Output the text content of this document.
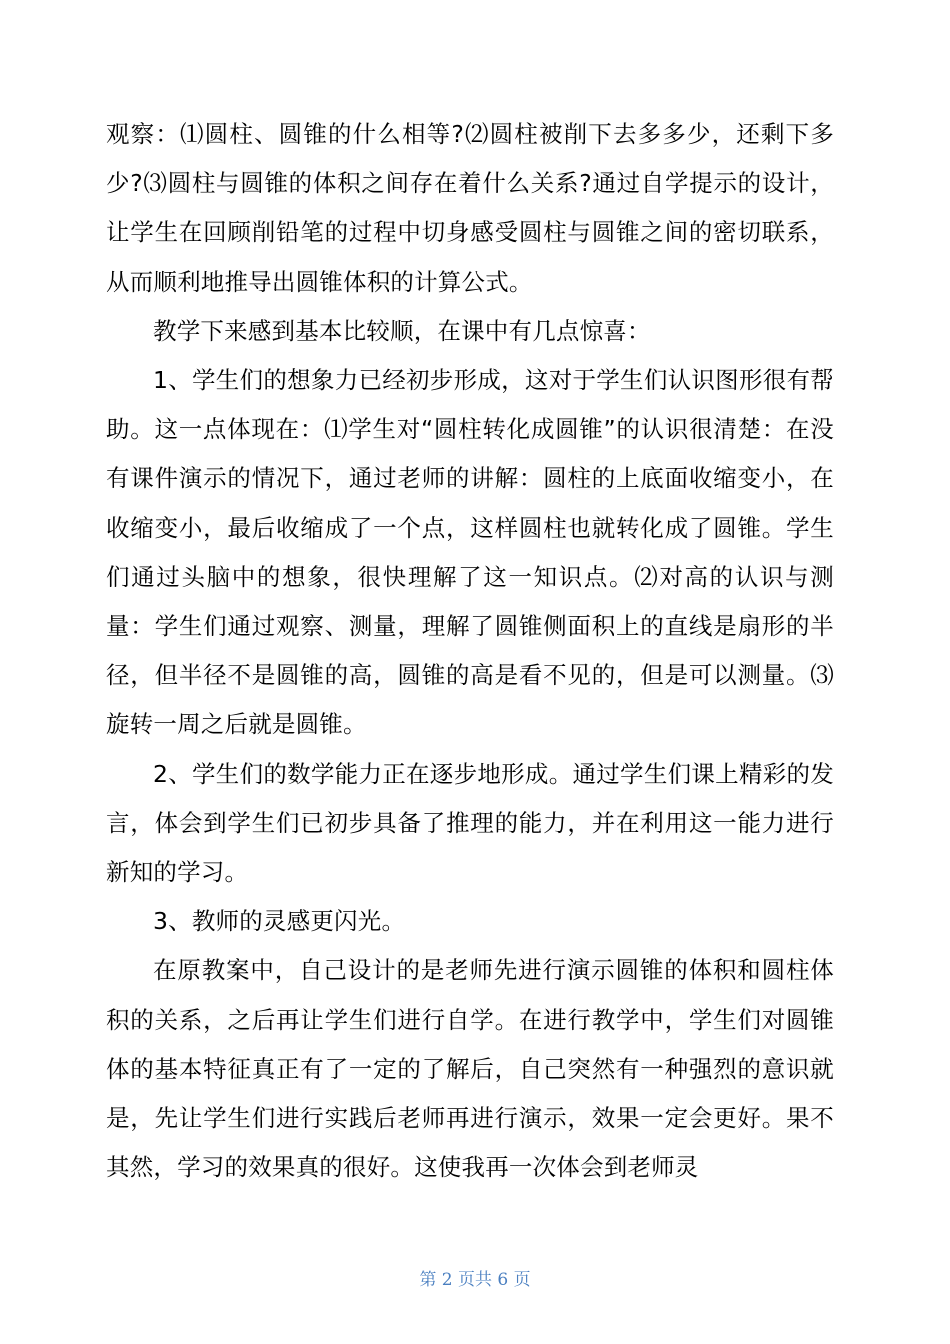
观察：⑴圆柱、圆锥的什么相等?⑵圆柱被削下去多多少，还剩下多少?⑶圆柱与圆锥的体积之间存在着什么关系?通过自学提示的设计，让学生在回顾削铅笔的过程中切身感受圆柱与圆锥之间的密切联系，从而顺利地推导出圆锥体积的计算公式。

教学下来感到基本比较顺，在课中有几点惊喜：

1、学生们的想象力已经初步形成，这对于学生们认识图形很有帮助。这一点体现在：⑴学生对“圆柱转化成圆锥”的认识很清楚：在没有课件演示的情况下，通过老师的讲解：圆柱的上底面收缩变小，在收缩变小，最后收缩成了一个点，这样圆柱也就转化成了圆锥。学生们通过头脑中的想象，很快理解了这一知识点。⑵对高的认识与测量：学生们通过观察、测量，理解了圆锥侧面积上的直线是扇形的半径，但半径不是圆锥的高，圆锥的高是看不见的，但是可以测量。⑶旋转一周之后就是圆锥。

2、学生们的数学能力正在逐步地形成。通过学生们课上精彩的发言，体会到学生们已初步具备了推理的能力，并在利用这一能力进行新知的学习。

3、教师的灵感更闪光。

在原教案中，自己设计的是老师先进行演示圆锥的体积和圆柱体积的关系，之后再让学生们进行自学。在进行教学中，学生们对圆锥体的基本特征真正有了一定的了解后，自己突然有一种强烈的意识就是，先让学生们进行实践后老师再进行演示，效果一定会更好。果不其然，学习的效果真的很好。这使我再一次体会到老师灵

第 2 页共 6 页
